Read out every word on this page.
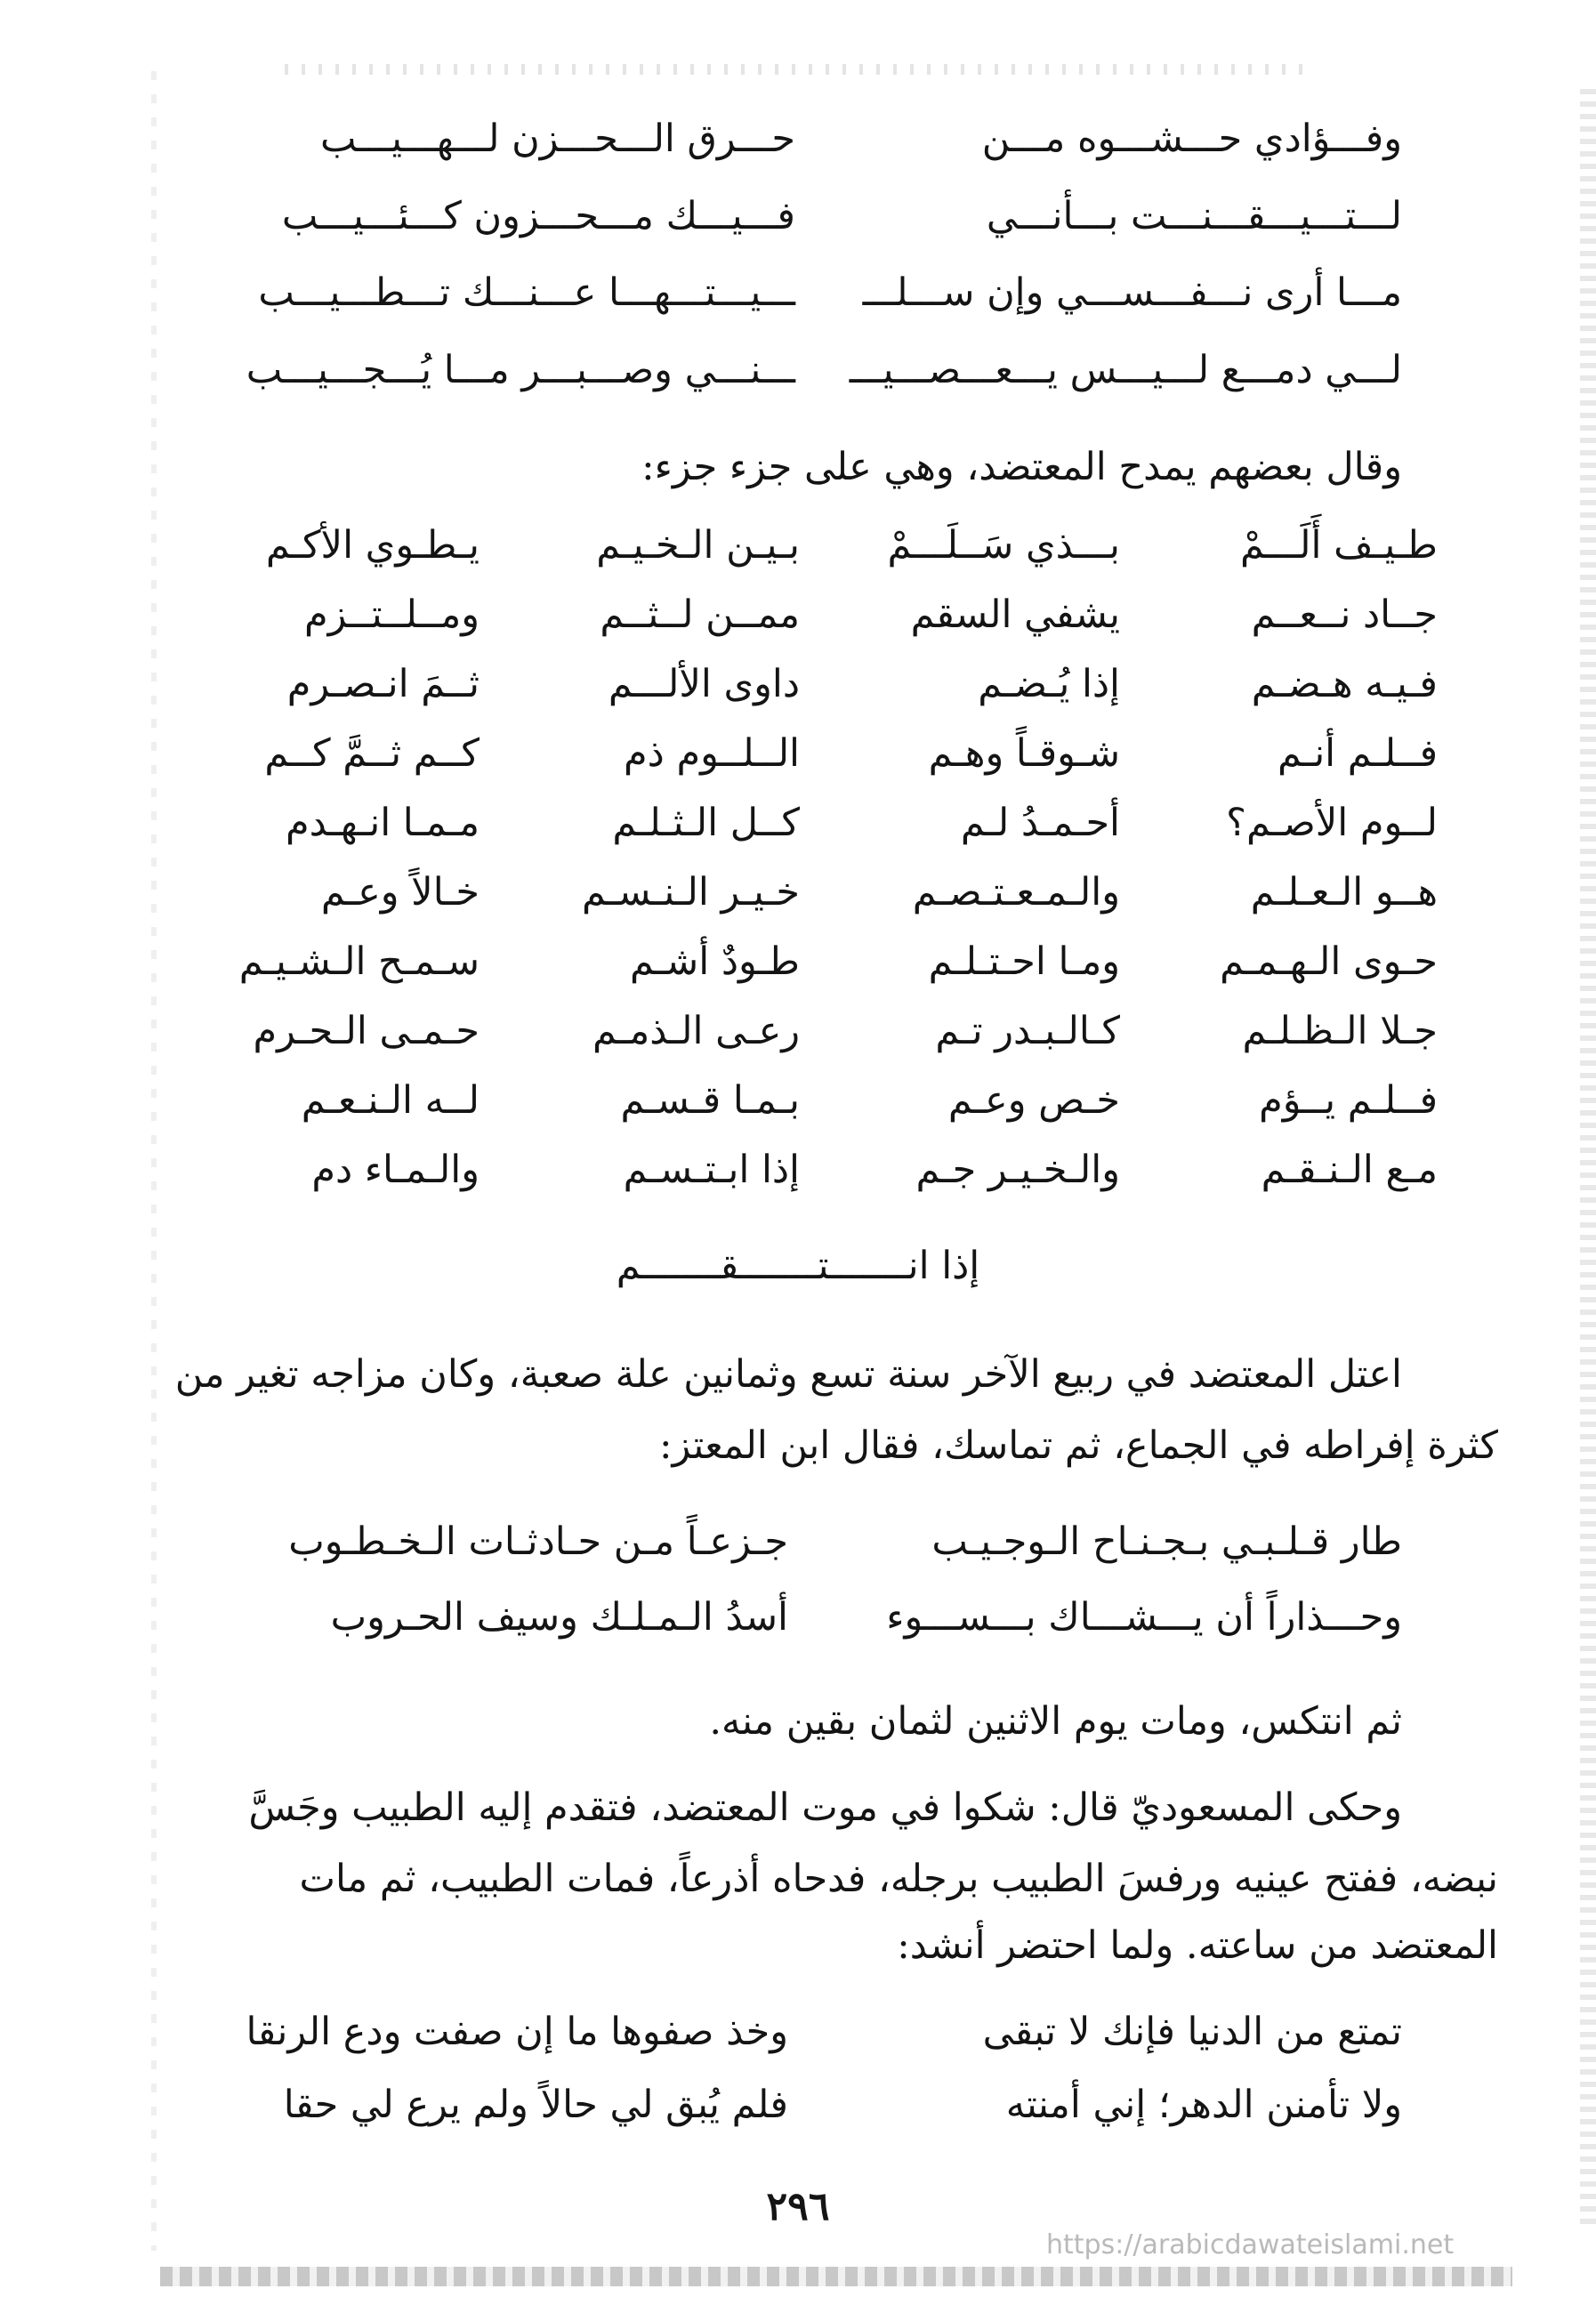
وفـــؤادي حـــشـــوه مـــن
حـــرق الـــحـــزن لـــهـــيـــب
لـــتـــيـــقـــنـــت بـــأنـــي
فـــيـــك مـــحـــزون كـــئـــيـــب
مـــا أرى نـــفـــســـي وإن ســـلـــ
ـــيـــتـــهـــا عـــنـــك تـــطـــيـــب
لـــي دمـــع لـــيـــس يـــعـــصـــيـــ
ـــنـــي وصـــبـــر مـــا يُـــجـــيـــب
وقال بعضهم يمدح المعتضد، وهي على جزء جزء:
طـيـف أَلَـــمْ
بـــذي سَــلَـــمْ
بـيـن الـخـيـم
يـطـوي الأكـم
جــاد نــعــم
يشفي السقم
ممــن لــثــم
ومــلــتــزم
فـيـه هـضـم
إذا يُـضـم
داوى الألـــم
ثــمَ انـصـرم
فــلـم أنـم
شـوقـاً وهـم
الــلــوم ذم
كــم ثــمَّ كــم
لــوم الأصـم؟
أحـمـدُ لـم
كــل الـثـلـم
مـمـا انـهـدم
هــو الـعـلـم
والـمـعـتـصـم
خـيـر الـنـسـم
خـالاً وعـم
حـوى الـهـمـم
ومـا احـتـلـم
طـودٌ أشـم
سـمـح الـشـيـم
جـلا الـظـلـم
كـالـبـدر تـم
رعـى الـذمـم
حـمـى الـحـرم
فــلـم يــؤم
خـص وعـم
بـمـا قـسـم
لــه الـنـعـم
مـع الـنـقـم
والـخـيـر جـم
إذا ابـتـسـم
والـمـاء دم
إذا انـــــــتـــــــقـــــــم
اعتل المعتضد في ربيع الآخر سنة تسع وثمانين علة صعبة، وكان مزاجه تغير من
كثرة إفراطه في الجماع، ثم تماسك، فقال ابن المعتز:
طار قـلـبـي بـجـنـاح الـوجـيـب
جـزعـاً مـن حـادثـات الـخـطـوب
وحـــذاراً أن يـــشـــاك بـــســـوء
أسدُ الـمـلـك وسيف الحـروب
ثم انتكس، ومات يوم الاثنين لثمان بقين منه.
وحكى المسعوديّ قال: شكوا في موت المعتضد، فتقدم إليه الطبيب وجَسَّ
نبضه، ففتح عينيه ورفسَ الطبيب برجله، فدحاه أذرعاً، فمات الطبيب، ثم مات
المعتضد من ساعته. ولما احتضر أنشد:
تمتع من الدنيا فإنك لا تبقى
وخذ صفوها ما إن صفت ودع الرنقا
ولا تأمنن الدهر؛ إني أمنته
فلم يُبق لي حالاً ولم يرع لي حقا
٢٩٦
https://arabicdawateislami.net
